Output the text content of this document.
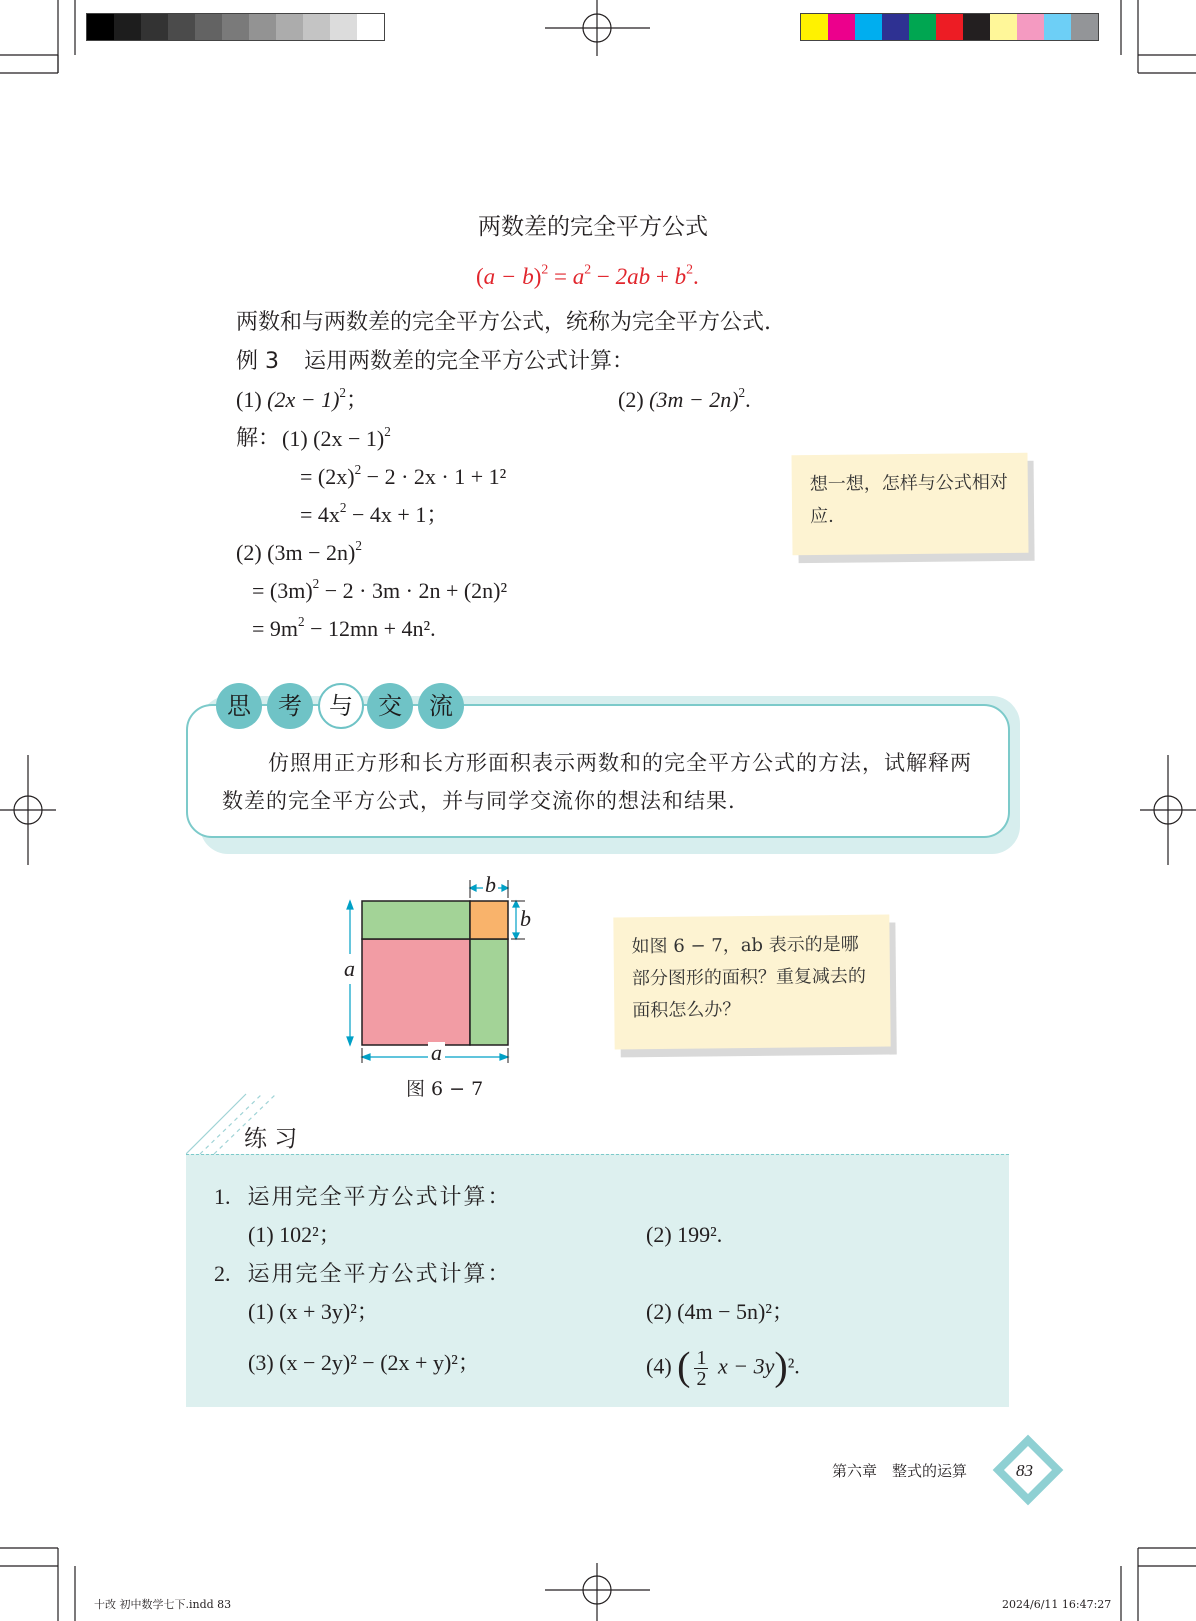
两数差的完全平方公式
$(a - b)^2 = a^2 - 2ab + b^2$.
两数和与两数差的完全平方公式，统称为完全平方公式.
例 3 运用两数差的完全平方公式计算：
(1) $(2x - 1)^2$；	(2) $(3m - 2n)^2$.
解： (1) $(2x - 1)^2$
= $(2x)^2 - 2 \cdot 2x \cdot 1 + 1^2$
= $4x^2 - 4x + 1$；
(2) $(3m - 2n)^2$
= $(3m)^2 - 2 \cdot 3m \cdot 2n + (2n)^2$
= $9m^2 - 12mn + 4n^2$.
想一想，怎样与公式相对应.
思	考	与	交	流
仿照用正方形和长方形面积表示两数和的完全平方公式的方法，试解释两数差的完全平方公式，并与同学交流你的想法和结果.
a
a
b
b
图 6 − 7
如图 6 − 7，ab 表示的是哪部分图形的面积？重复减去的面积怎么办？
练 习
1. 运用完全平方公式计算：
(1) 102²；	(2) 199².
2. 运用完全平方公式计算：
(1) (x + 3y)²；	(2) (4m − 5n)²；
(3) (x − 2y)² − (2x + y)²；	(4) ( $\frac{1}{2}$ x − 3y)².
第六章　整式的运算	83
十改 初中数学七下.indd 83	2024/6/11 16:47:27
